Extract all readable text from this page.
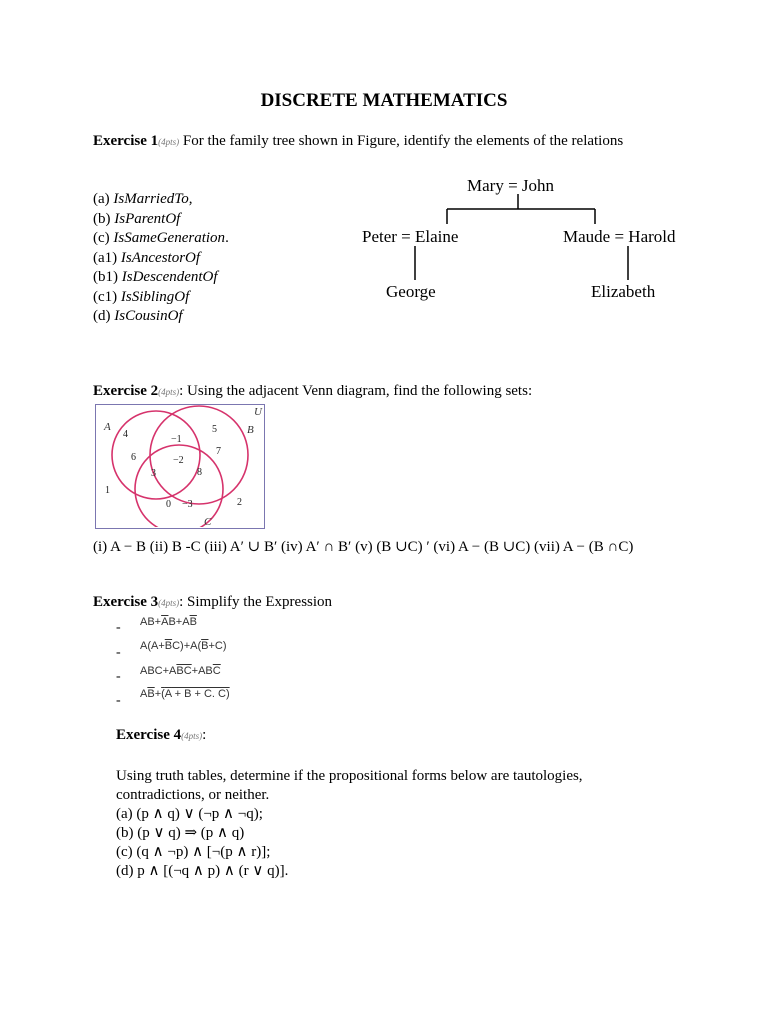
DISCRETE MATHEMATICS
Exercise 1(4pts) For the family tree shown in Figure, identify the elements of the relations
(a) IsMarriedTo,
(b) IsParentOf
(c) IsSameGeneration.
(a1) IsAncestorOf
(b1) IsDescendentOf
(c1) IsSiblingOf
(d) IsCousinOf
Mary = John
Peter = Elaine	Maude = Harold
George	Elizabeth
Exercise 2(4pts): Using the adjacent Venn diagram, find the following sets:
A	B
C
U
4
6
5
7
−1
−2
3	8
0 −3
1
2
(i) A − B (ii) B -C (iii) A′ ∪ B′ (iv) A′ ∩ B′ (v) (B ∪C) ′ (vi) A − (B ∪C) (vii) A − (B ∩C)
Exercise 3(4pts): Simplify the Expression
- $AB+\overline{A}B+A\overline{B}$
- $A(A+\overline{B}C)+A(\overline{B}+C)$
- $ABC+A\overline{BC}+AB\overline{C}$
- $A\overline{B}+(A + B + C$. C)
Exercise 4(4pts):
Using truth tables, determine if the propositional forms below are tautologies,
contradictions, or neither.
(a) (p ∧ q) ∨ (¬p ∧ ¬q);
(b) (p ∨ q) ⇒ (p ∧ q)
(c) (q ∧ ¬p) ∧ [¬(p ∧ r)];
(d) p ∧ [(¬q ∧ p) ∧ (r ∨ q)].
